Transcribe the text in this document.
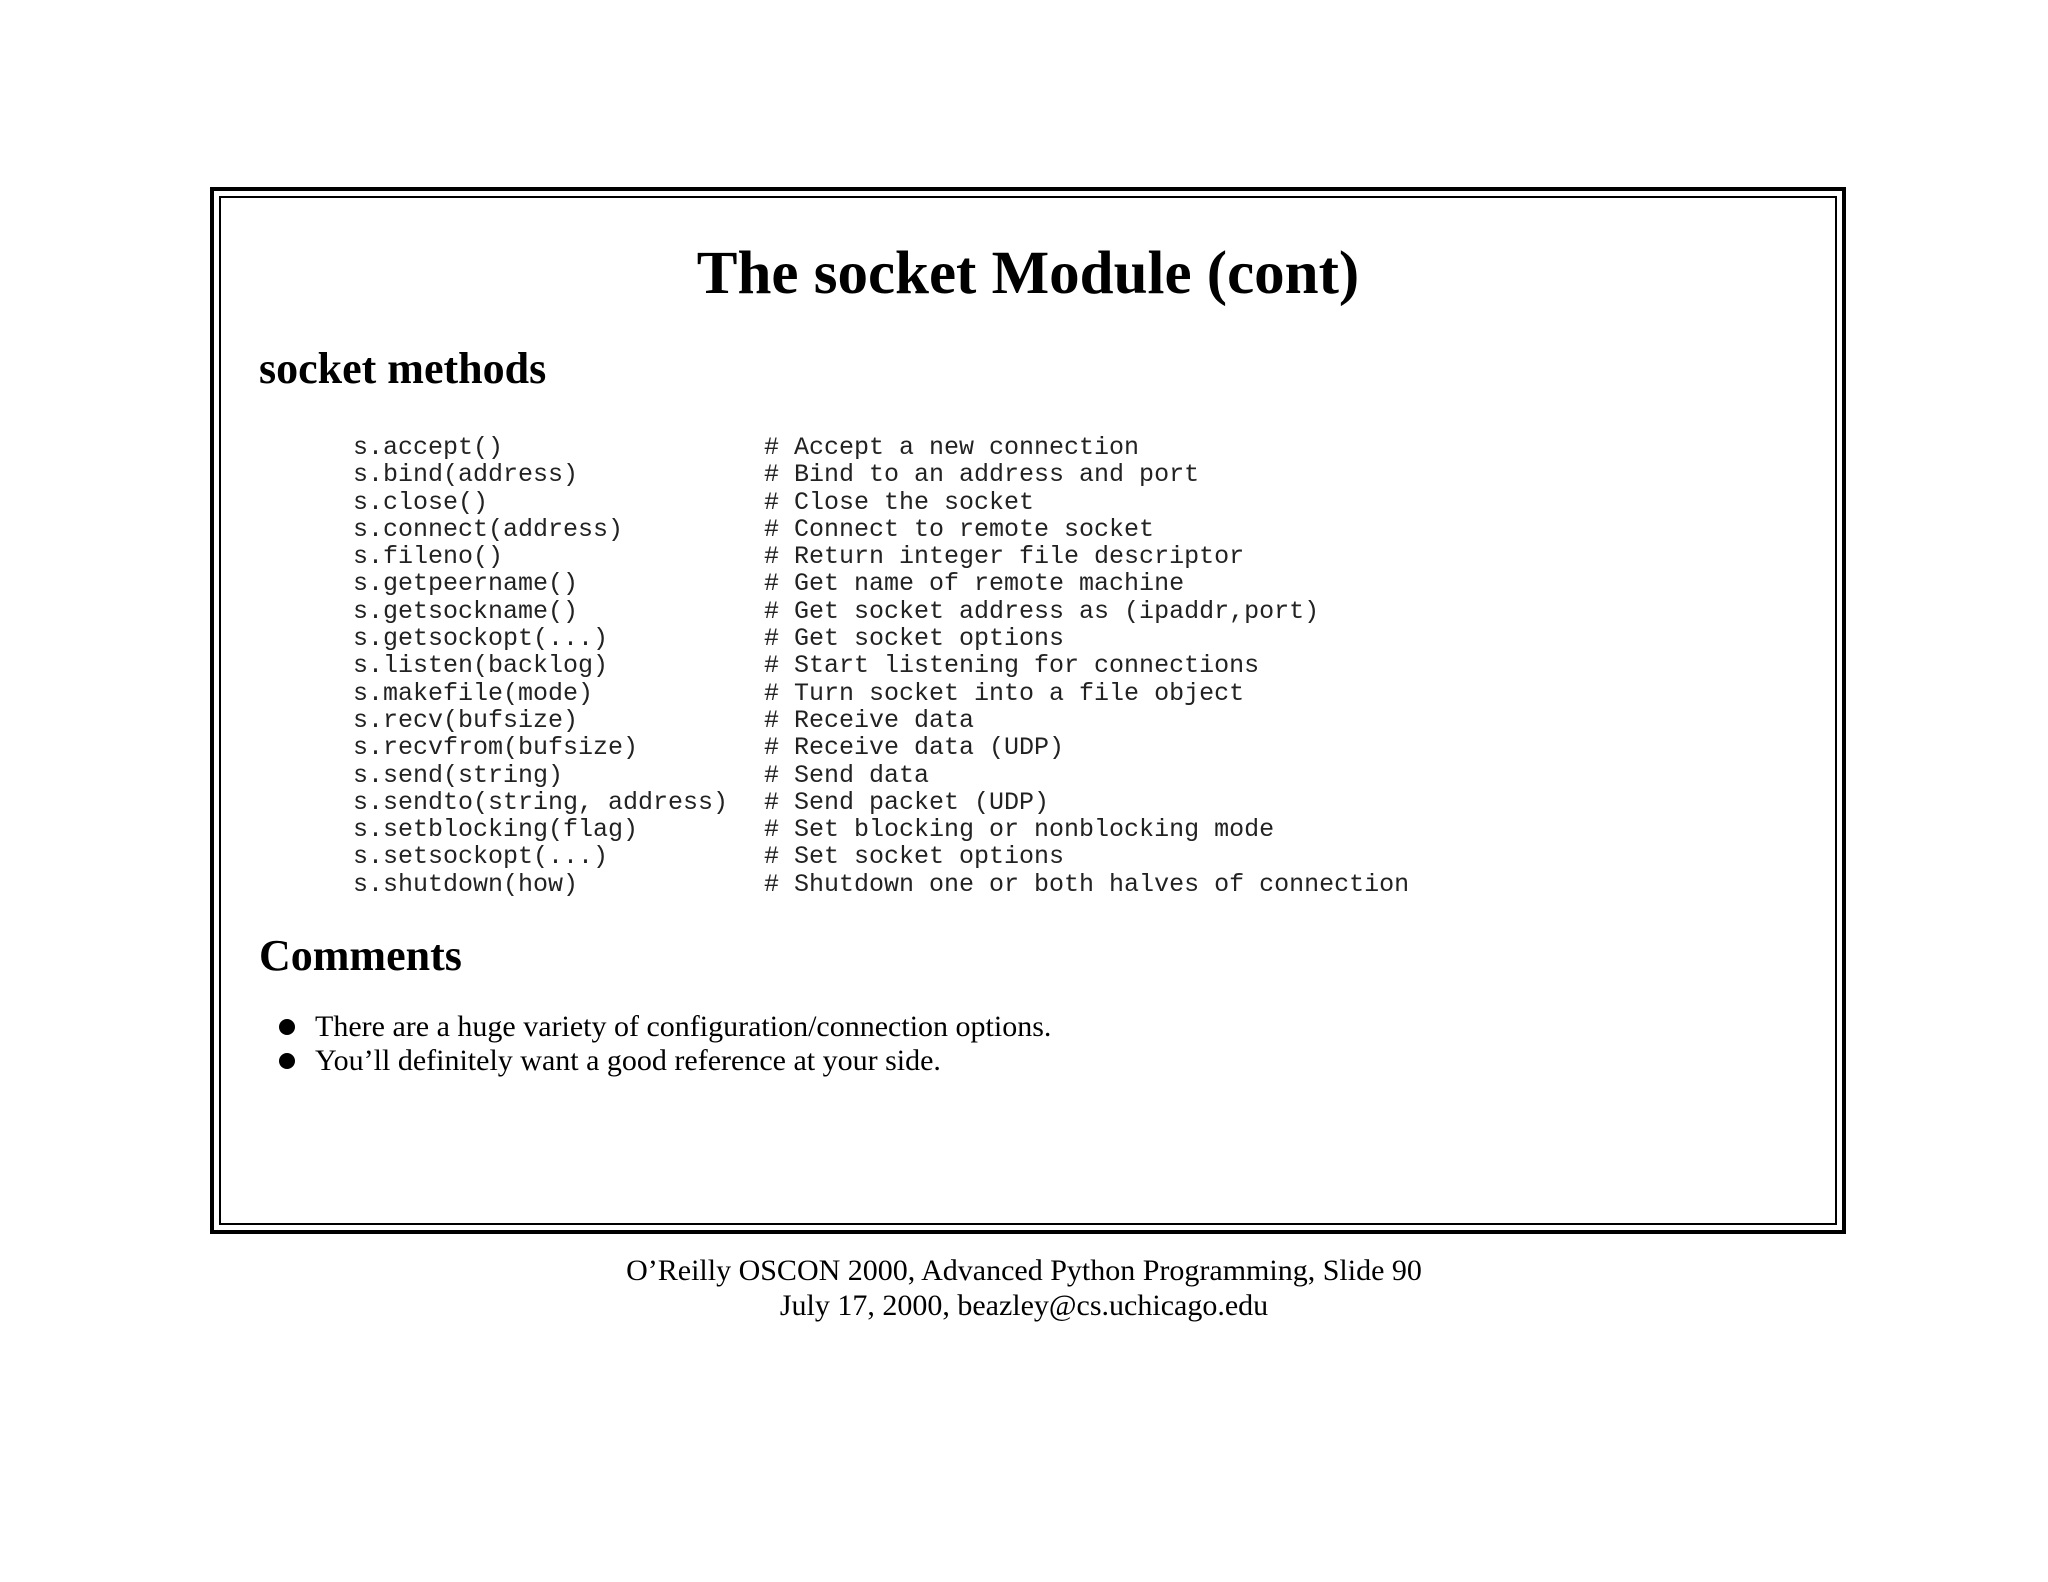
The socket Module (cont)
socket methods
s.accept()	# Accept a new connection
s.bind(address)	# Bind to an address and port
s.close()	# Close the socket
s.connect(address)	# Connect to remote socket
s.fileno()	# Return integer file descriptor
s.getpeername()	# Get name of remote machine
s.getsockname()	# Get socket address as (ipaddr,port)
s.getsockopt(...)	# Get socket options
s.listen(backlog)	# Start listening for connections
s.makefile(mode)	# Turn socket into a file object
s.recv(bufsize)	# Receive data
s.recvfrom(bufsize)	# Receive data (UDP)
s.send(string)	# Send data
s.sendto(string, address)	# Send packet (UDP)
s.setblocking(flag)	# Set blocking or nonblocking mode
s.setsockopt(...)	# Set socket options
s.shutdown(how)	# Shutdown one or both halves of connection
Comments
There are a huge variety of configuration/connection options.
You’ll definitely want a good reference at your side.
O’Reilly OSCON 2000, Advanced Python Programming, Slide 90
July 17, 2000, beazley@cs.uchicago.edu
